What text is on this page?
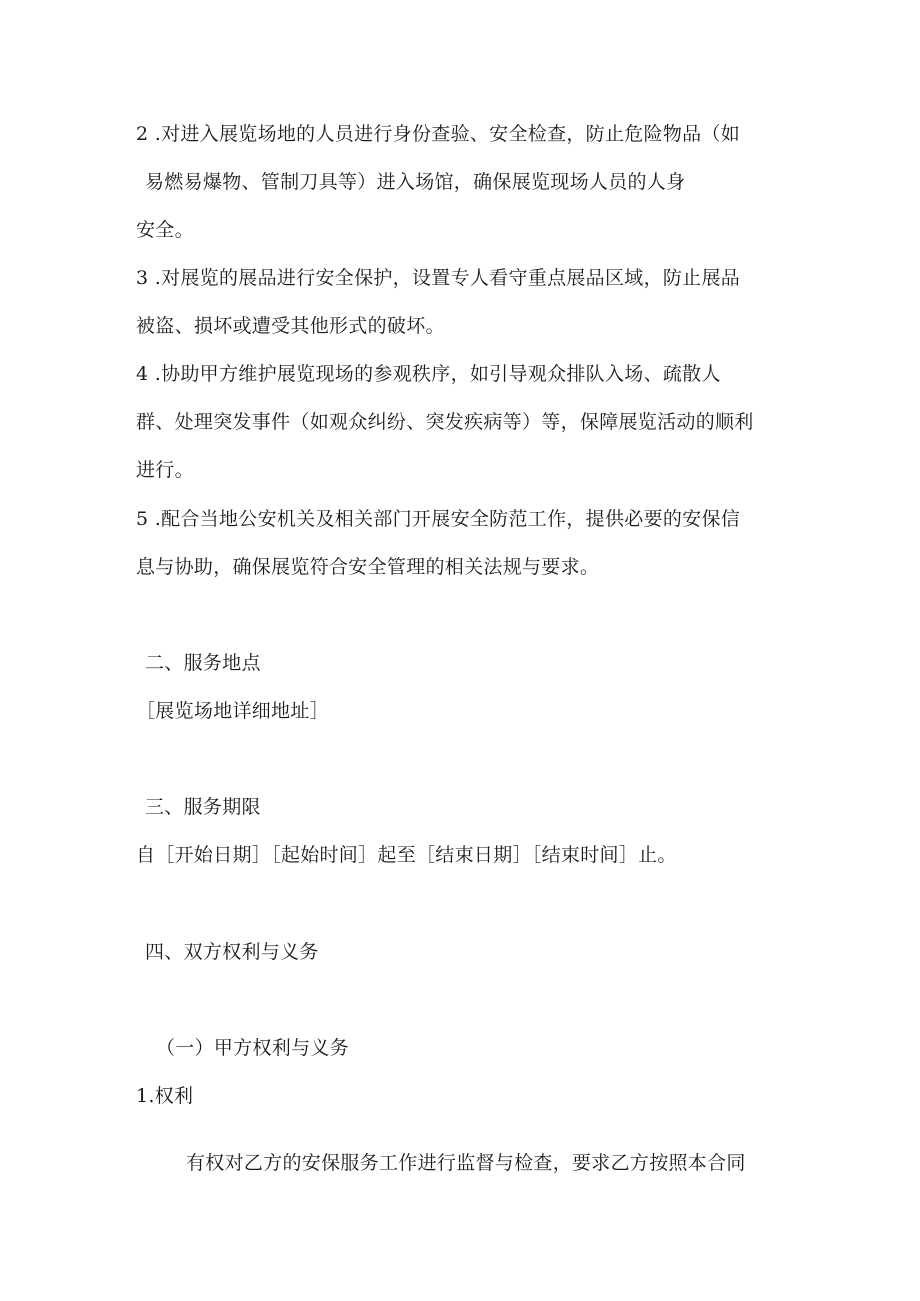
2 .对进入展览场地的人员进行身份查验、安全检查，防止危险物品（如
易燃易爆物、管制刀具等）进入场馆，确保展览现场人员的人身
安全。
3 .对展览的展品进行安全保护，设置专人看守重点展品区域，防止展品
被盗、损坏或遭受其他形式的破坏。
4 .协助甲方维护展览现场的参观秩序，如引导观众排队入场、疏散人
群、处理突发事件（如观众纠纷、突发疾病等）等，保障展览活动的顺利
进行。
5 .配合当地公安机关及相关部门开展安全防范工作，提供必要的安保信
息与协助，确保展览符合安全管理的相关法规与要求。
二、服务地点
［展览场地详细地址］
三、服务期限
自［开始日期］［起始时间］起至［结束日期］［结束时间］止。
四、双方权利与义务
（一）甲方权利与义务
1.权利
有权对乙方的安保服务工作进行监督与检查，要求乙方按照本合同
